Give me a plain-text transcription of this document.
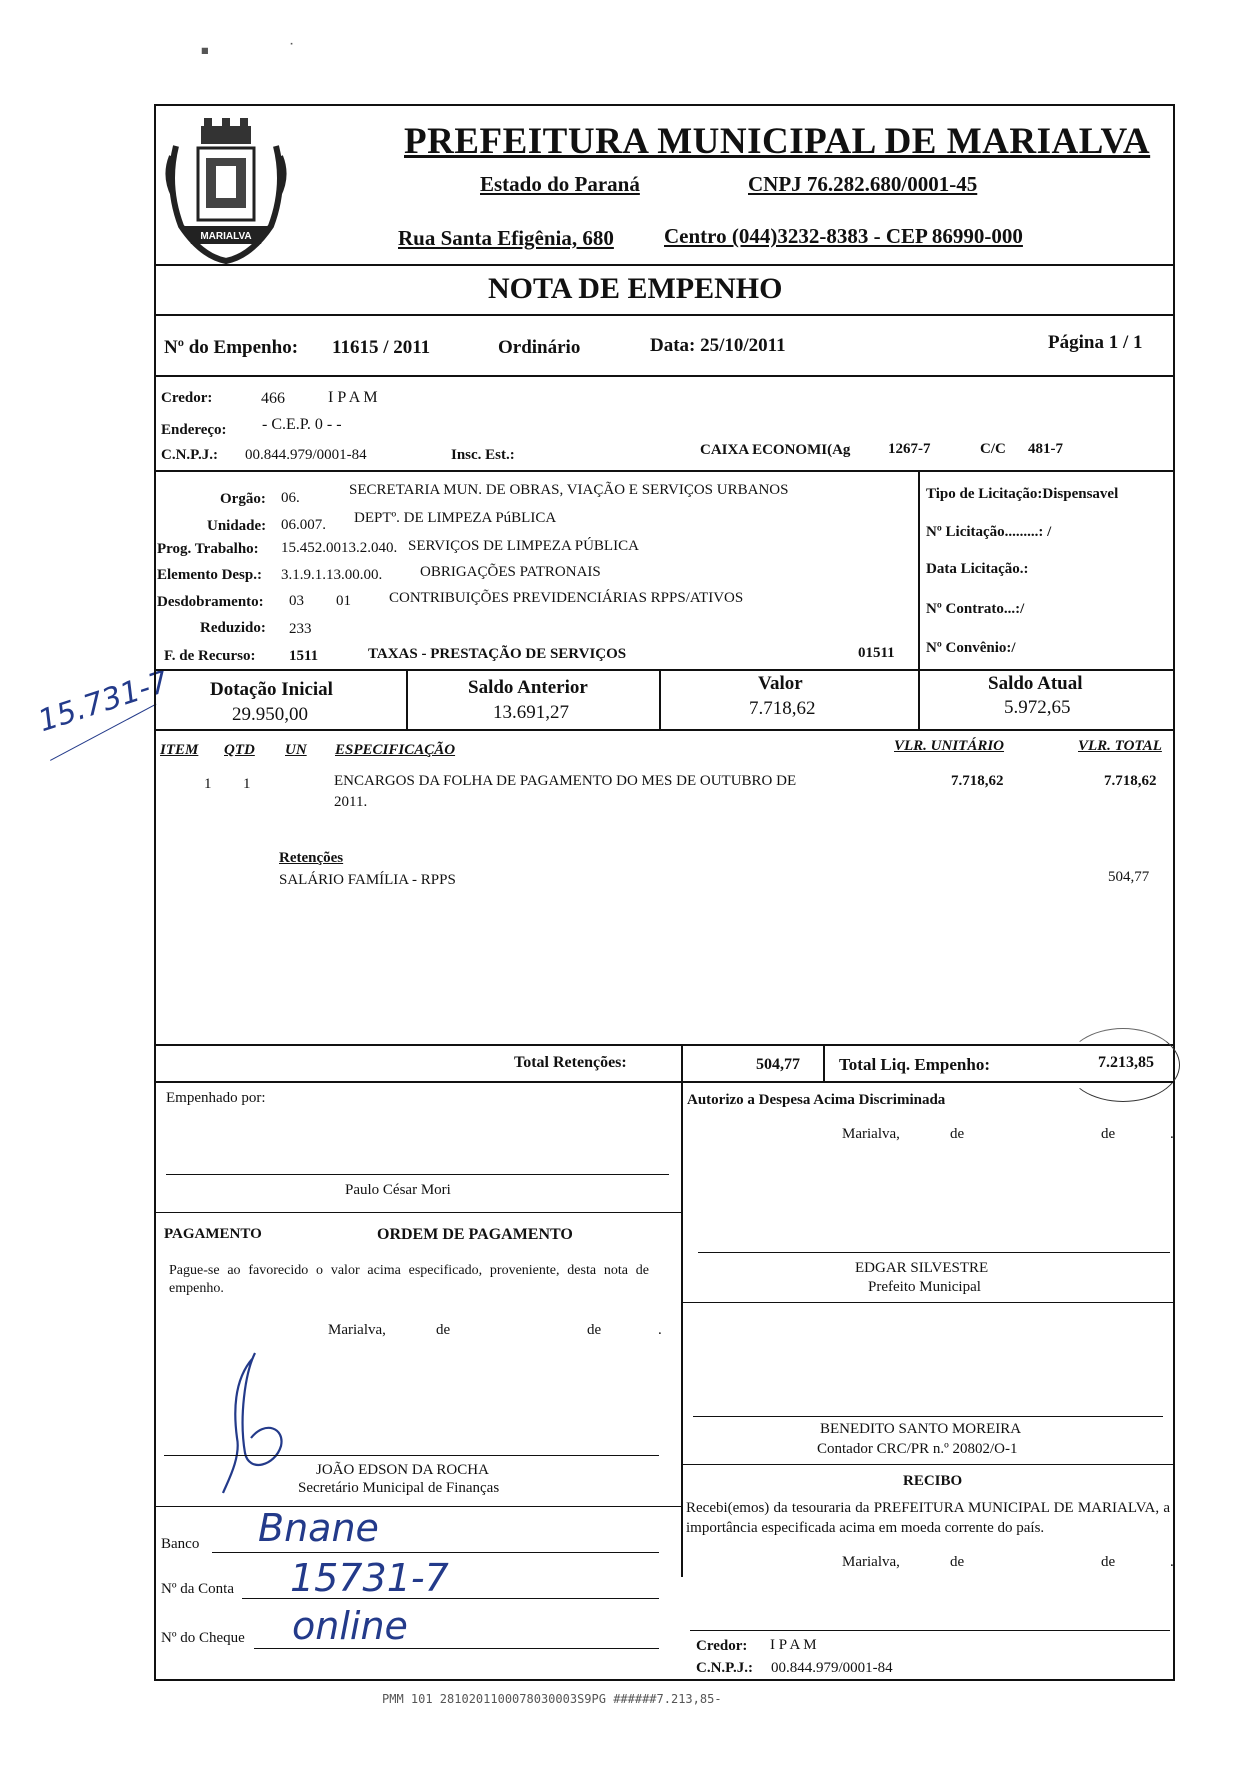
▪        ˙
15.731-7
MARIALVA
PREFEITURA MUNICIPAL DE MARIALVA
Estado do Paraná	CNPJ 76.282.680/0001-45
Rua Santa Efigênia, 680 Centro (044)3232-8383 - CEP 86990-000
NOTA DE EMPENHO
Nº do Empenho: 11615 / 2011	Ordinário	Data: 25/10/2011	Página 1 / 1
Credor:	466	I P A M
Endereço: - C.E.P. 0 - -
C.N.P.J.: 00.844.979/0001-84	Insc. Est.:	CAIXA ECONOMI(Ag	1267-7	C/C 481-7
Orgão: 06.	SECRETARIA MUN. DE OBRAS, VIAÇÃO E SERVIÇOS URBANOS
Unidade: 06.007. DEPTº. DE LIMPEZA PúBLICA
Prog. Trabalho: 15.452.0013.2.040. SERVIÇOS DE LIMPEZA PÚBLICA
Elemento Desp.: 3.1.9.1.13.00.00.	OBRIGAÇÕES PATRONAIS
Desdobramento: 03 01	CONTRIBUIÇÕES PREVIDENCIÁRIAS RPPS/ATIVOS
Reduzido: 233
F. de Recurso: 1511	TAXAS - PRESTAÇÃO DE SERVIÇOS	01511
Tipo de Licitação:Dispensavel
Nº Licitação.........: /
Data Licitação.:
Nº Contrato...:/
Nº Convênio:/
Dotação Inicial
29.950,00
Saldo Anterior
13.691,27
Valor
7.718,62
Saldo Atual
5.972,65
ITEM QTD UN ESPECIFICAÇÃO	VLR. UNITÁRIO	VLR. TOTAL
1 1	ENCARGOS DA FOLHA DE PAGAMENTO DO MES DE OUTUBRO DE
2011.
7.718,62	7.718,62
Retenções
SALÁRIO FAMÍLIA - RPPS	504,77
Total Retenções:	504,77 Total Liq. Empenho:	7.213,85
Empenhado por:
Paulo César Mori
PAGAMENTO	ORDEM DE PAGAMENTO
Pague-se ao favorecido o valor acima especificado, proveniente, desta nota de empenho.
Marialva,	de	de	.
JOÃO EDSON DA ROCHA
Secretário Municipal de Finanças
Banco Bnane
Nº da Conta 15731-7
Nº do Cheque online
Autorizo a Despesa Acima Discriminada
Marialva,	de	de	.
EDGAR SILVESTRE
Prefeito Municipal
BENEDITO SANTO MOREIRA
Contador CRC/PR n.º 20802/O-1
RECIBO
Recebi(emos) da tesouraria da PREFEITURA MUNICIPAL DE MARIALVA, a importância especificada acima em moeda corrente do país.
Marialva,	de	de	.
Credor: I P A M
C.N.P.J.: 00.844.979/0001-84
PMM 101 2810201100078030003S9PG ######7.213,85-
